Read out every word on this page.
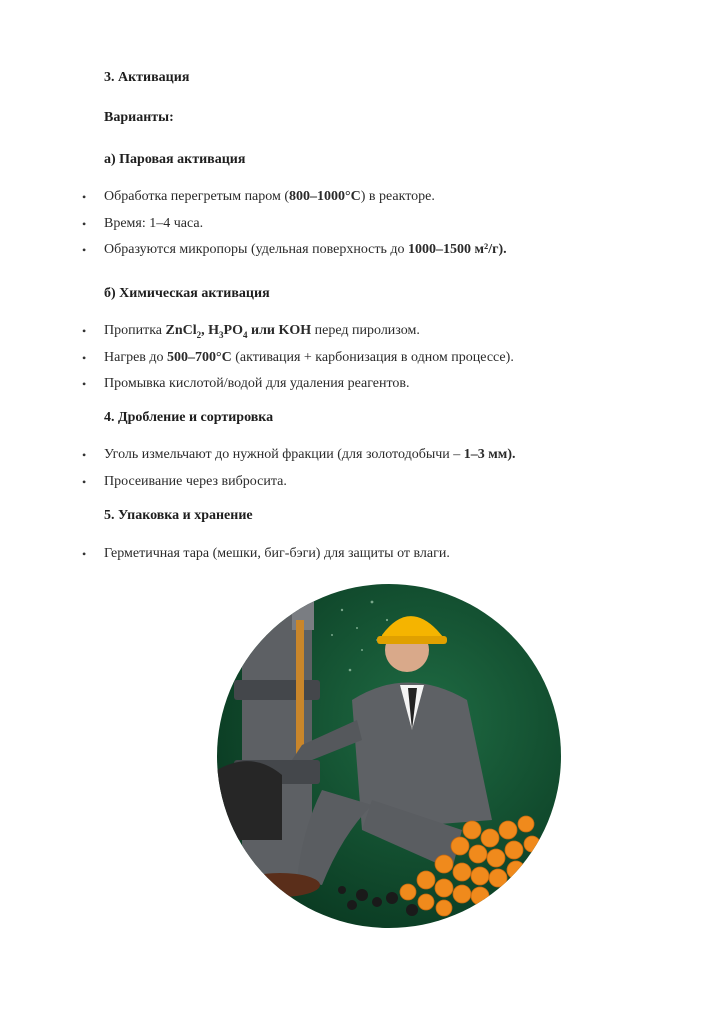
3. Активация
Варианты:
а) Паровая активация
• Обработка перегретым паром (800–1000°C) в реакторе.
• Время: 1–4 часа.
• Образуются микропоры (удельная поверхность до 1000–1500 м²/г).
б) Химическая активация
• Пропитка ZnCl$_2$, $H_3PO_4$ или KOH перед пиролизом.
• Нагрев до 500–700°C (активация + карбонизация в одном процессе).
• Промывка кислотой/водой для удаления реагентов.
4. Дробление и сортировка
• Уголь измельчают до нужной фракции (для золотодобычи – 1–3 мм).
• Просеивание через вибросита.
5. Упаковка и хранение
• Герметичная тара (мешки, биг-бэги) для защиты от влаги.
